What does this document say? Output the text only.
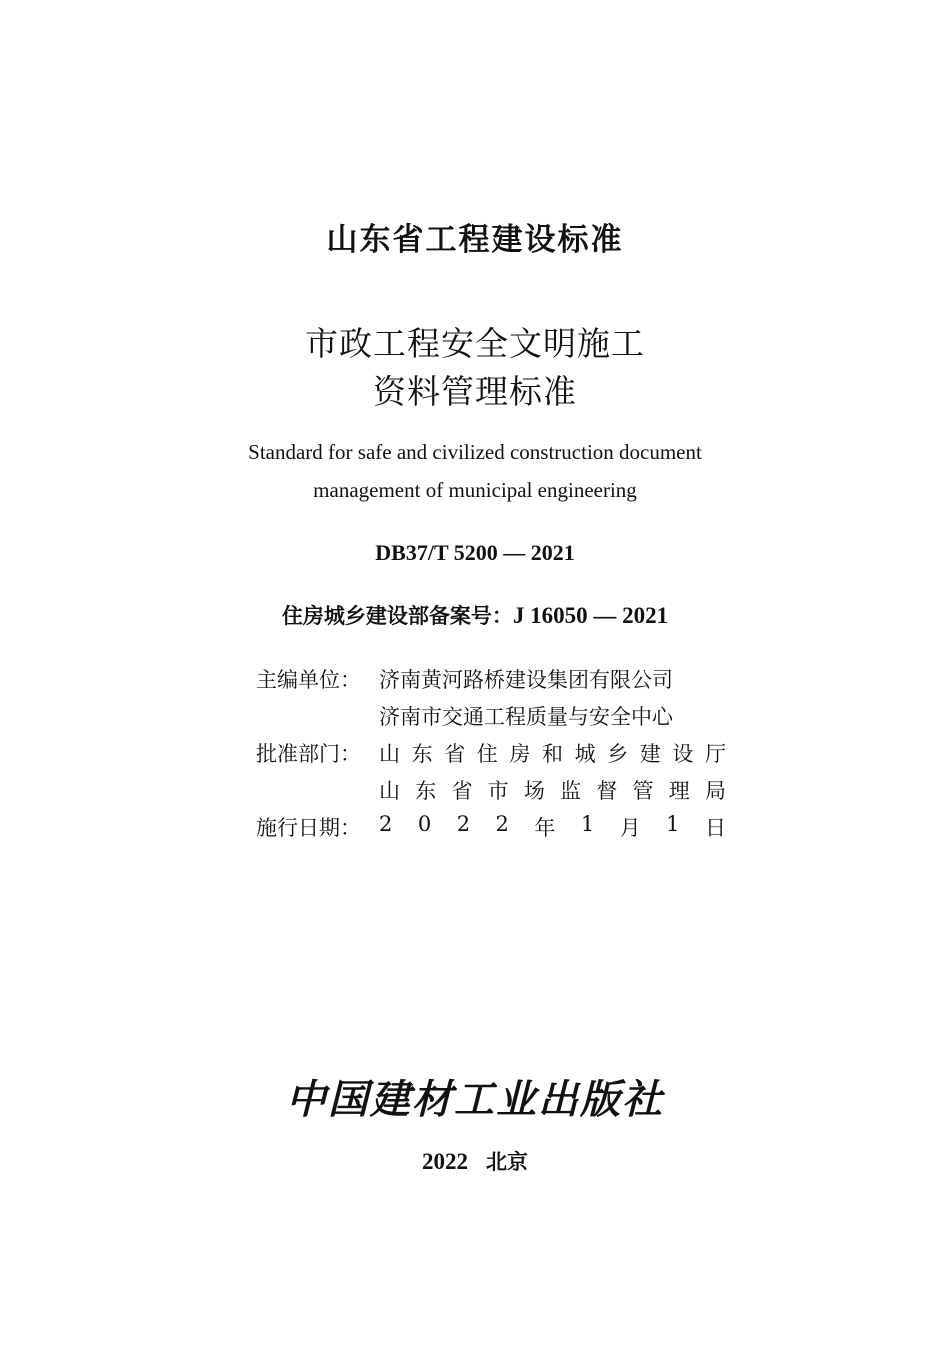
山东省工程建设标准
市政工程安全文明施工
资料管理标准
Standard for safe and civilized construction document
management of municipal engineering
DB37/T 5200 — 2021
住房城乡建设部备案号：J 16050 — 2021
主编单位： 济南黄河路桥建设集团有限公司
济南市交通工程质量与安全中心
批准部门： 山 东 省 住 房 和 城 乡 建 设 厅
山 东 省 市 场 监 督 管 理 局
施行日期： 2 0 2 2 年 1 月 1 日
中国建材工业出版社
2022 北京
